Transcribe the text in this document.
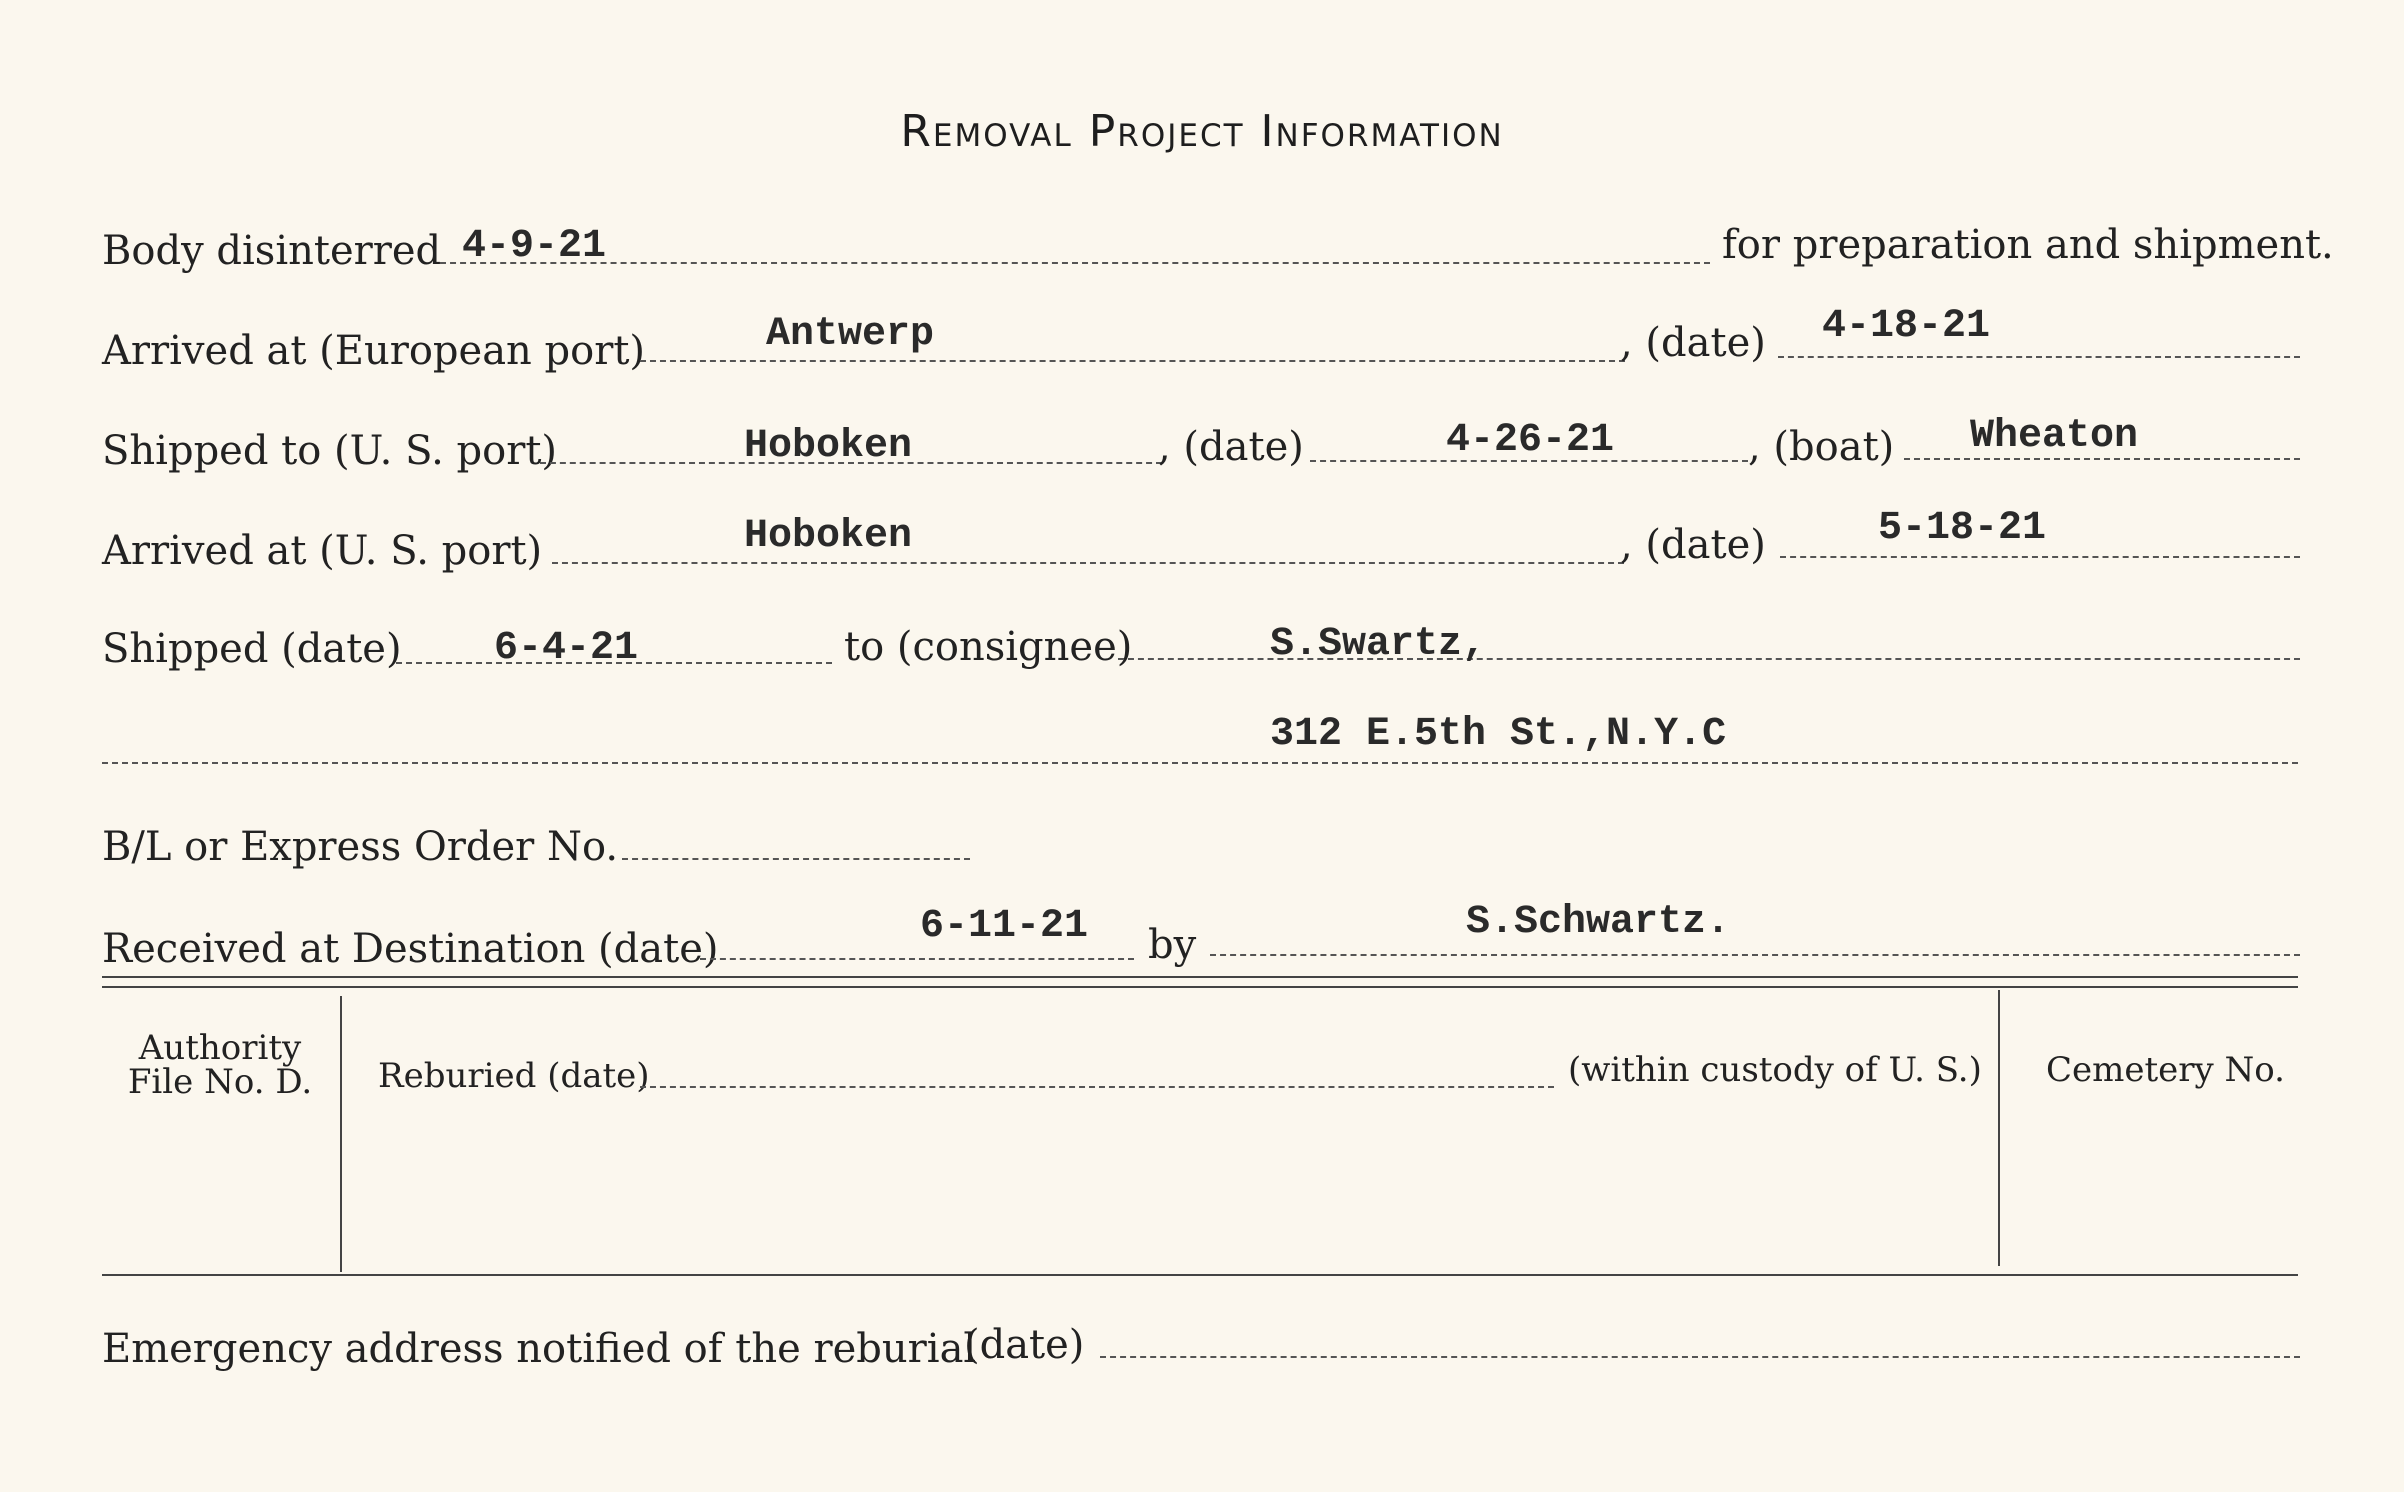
Removal Project Information
Body disinterred 4-9-21	for preparation and shipment.
Arrived at (European port)	Antwerp	, (date) 4-18-21
Shipped to (U. S. port)	Hoboken	, (date)	4-26-21	, (boat) Wheaton
Arrived at (U. S. port)	Hoboken	, (date)	5-18-21
Shipped (date) 6-4-21	to (consignee)	S.Swartz,
312 E.5th St.,N.Y.C
B/L or Express Order No.
Received at Destination (date)	6-11-21 by	S.Schwartz.
Authority
File No. D.	Reburied (date)	(within custody of U. S.) Cemetery No.
Emergency address notified of the reburial
(date)
